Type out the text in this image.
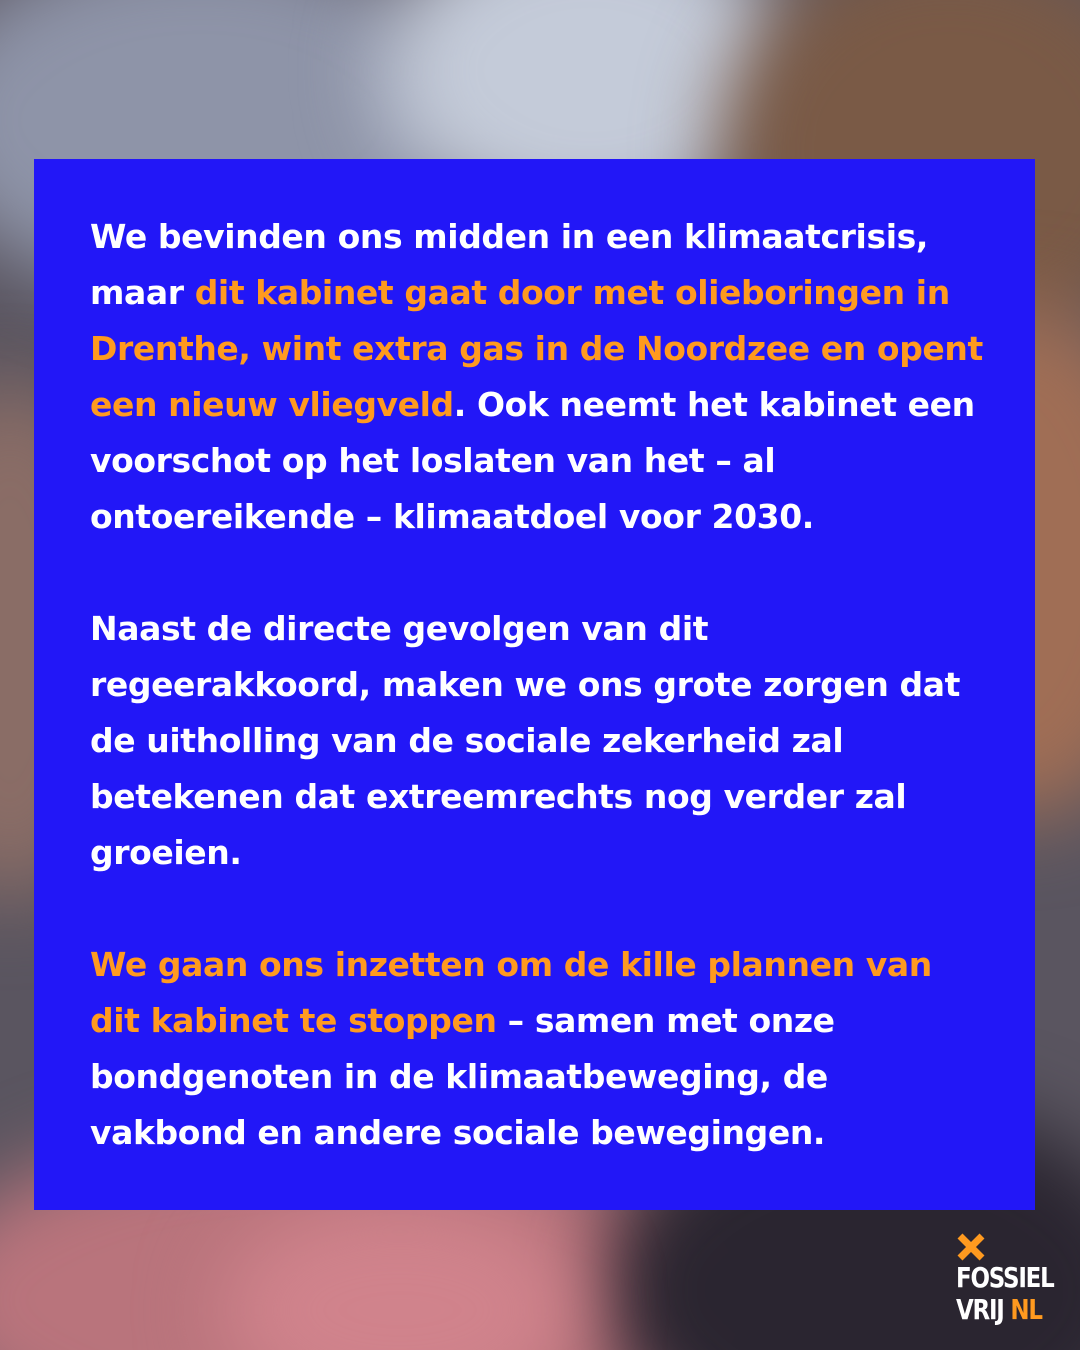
We bevinden ons midden in een klimaatcrisis, maar dit kabinet gaat door met olieboringen in Drenthe, wint extra gas in de Noordzee en opent een nieuw vliegveld. Ook neemt het kabinet een voorschot op het loslaten van het – al ontoereikende – klimaatdoel voor 2030.

Naast de directe gevolgen van dit regeerakkoord, maken we ons grote zorgen dat de uitholling van de sociale zekerheid zal betekenen dat extreemrechts nog verder zal groeien.

We gaan ons inzetten om de kille plannen van dit kabinet te stoppen – samen met onze bondgenoten in de klimaatbeweging, de vakbond en andere sociale bewegingen.

FOSSIEL
VRIJ NL
